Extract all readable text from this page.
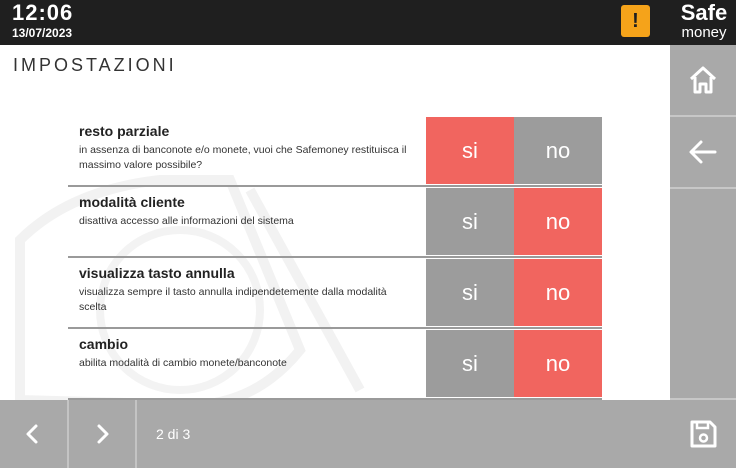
12:06
13/07/2023
!	Safe
money
IMPOSTAZIONI
resto parziale
in assenza di banconote e/o monete, vuoi che Safemoney restituisca il massimo valore possibile?
si	no
modalità cliente
disattiva accesso alle informazioni del sistema	si	no
visualizza tasto annulla
visualizza sempre il tasto annulla indipendetemente dalla modalità scelta
si	no
cambio
abilita modalità di cambio monete/banconote	si	no
2 di 3
